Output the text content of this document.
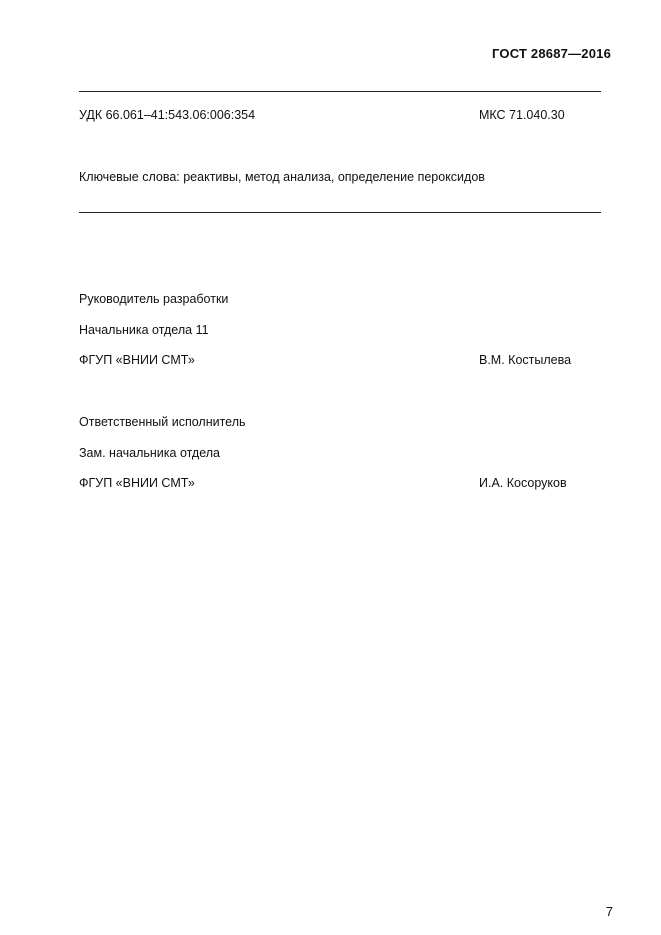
ГОСТ 28687—2016
УДК 66.061–41:543.06:006:354	МКС 71.040.30
Ключевые слова: реактивы, метод анализа, определение пероксидов
Руководитель разработки
Начальника отдела 11
ФГУП «ВНИИ СМТ»	В.М. Костылева
Ответственный исполнитель
Зам. начальника отдела
ФГУП «ВНИИ СМТ»	И.А. Косоруков
7
